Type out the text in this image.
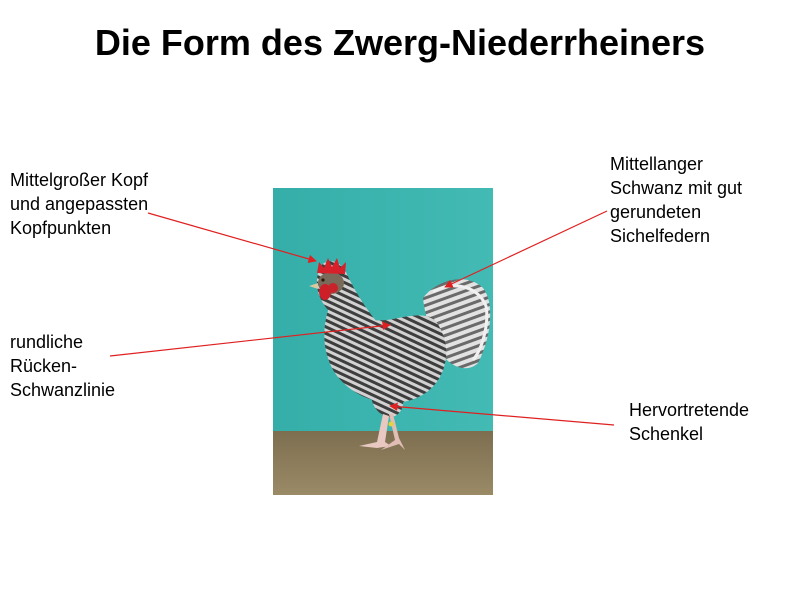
Die Form des Zwerg-Niederrheiners
Mittelgroßer Kopf
und angepassten
Kopfpunkten
Mittellanger
Schwanz mit gut
gerundeten
Sichelfedern
rundliche
Rücken-
Schwanzlinie
Hervortretende
Schenkel
